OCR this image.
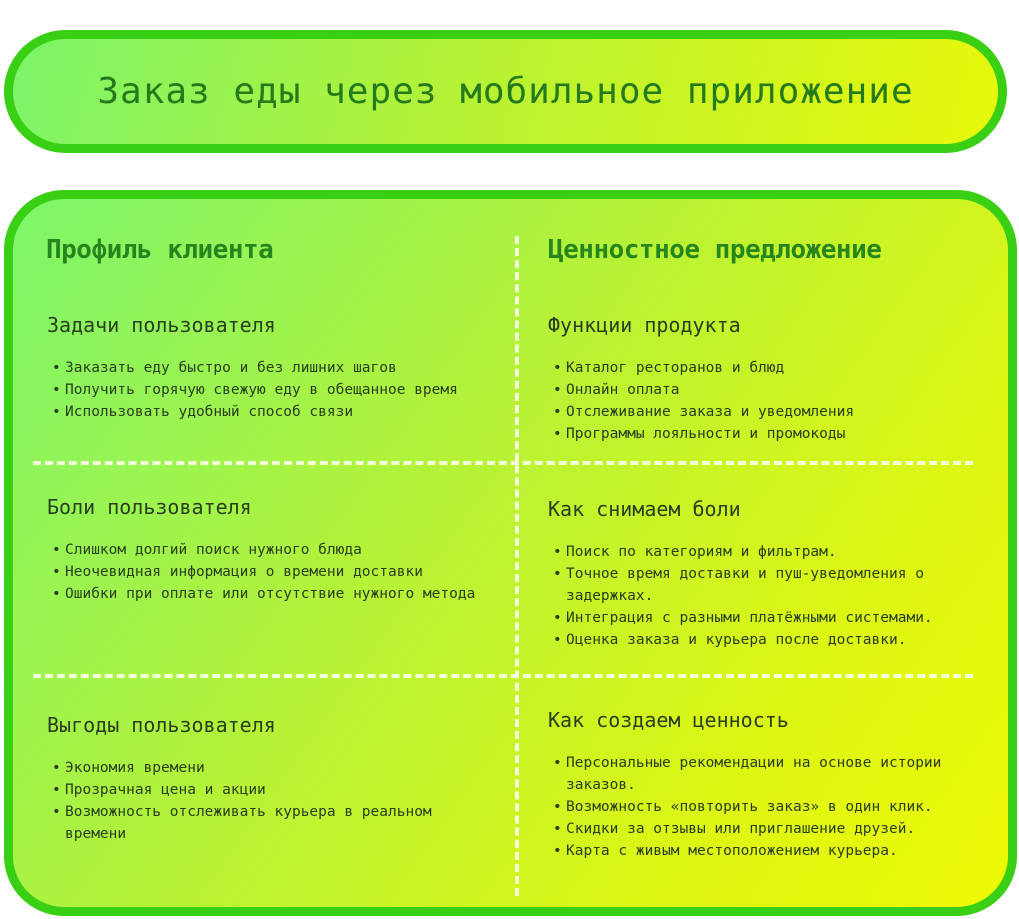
Заказ еды через мобильное приложение
Профиль клиента	Ценностное предложение
Задачи пользователя
• Заказать еду быстро и без лишних шагов
• Получить горячую свежую еду в обещанное время
• Использовать удобный способ связи
Боли пользователя
• Слишком долгий поиск нужного блюда
• Неочевидная информация о времени доставки
• Ошибки при оплате или отсутствие нужного метода
Выгоды пользователя
• Экономия времени
• Прозрачная цена и акции
• Возможность отслеживать курьера в реальном времени
Функции продукта
• Каталог ресторанов и блюд
• Онлайн оплата
• Отслеживание заказа и уведомления
• Программы лояльности и промокоды
Как снимаем боли
• Поиск по категориям и фильтрам.
• Точное время доставки и пуш-уведомления о задержках.
• Интеграция с разными платёжными системами.
• Оценка заказа и курьера после доставки.
Как создаем ценность
• Персональные рекомендации на основе истории заказов.
• Возможность «повторить заказ» в один клик.
• Скидки за отзывы или приглашение друзей.
• Карта с живым местоположением курьера.
